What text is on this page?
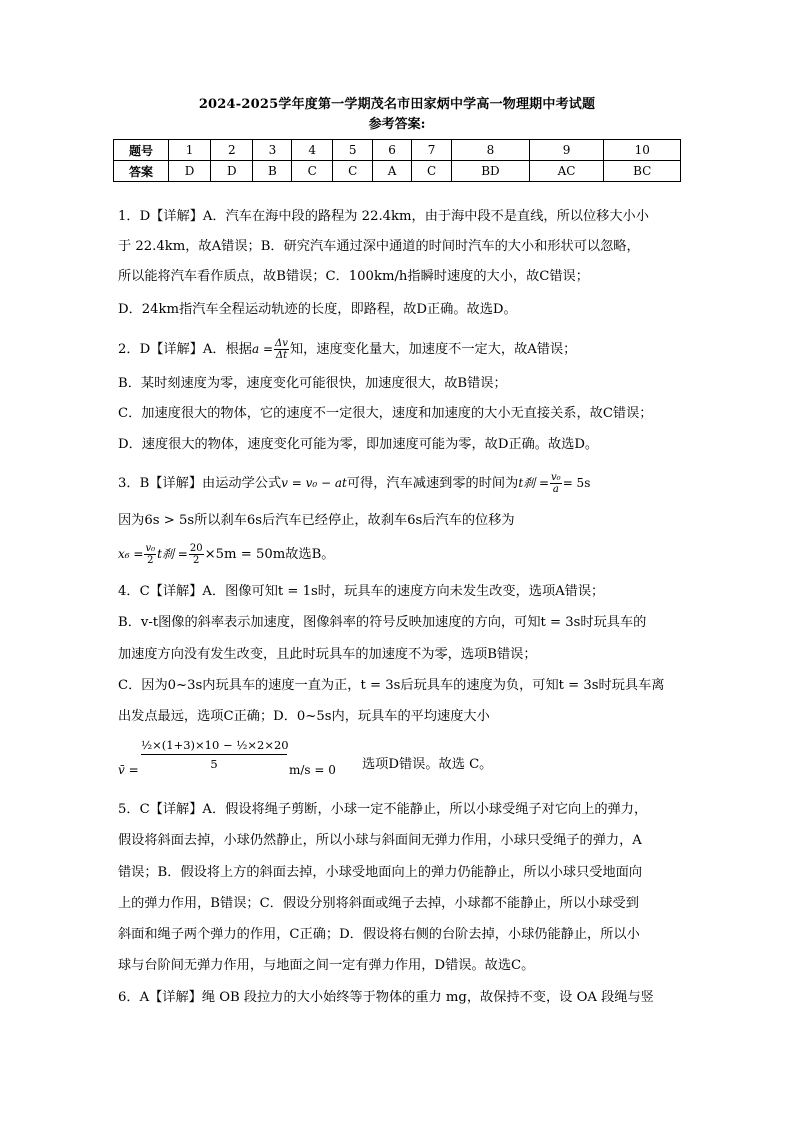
2024-2025学年度第一学期茂名市田家炳中学高一物理期中考试题
参考答案:
题号	1	2	3	4	5	6	7	8	9	10
答案	D	D	B	C	C	A	C	BD	AC	BC
1．D【详解】A．汽车在海中段的路程为 22.4km，由于海中段不是直线，所以位移大小小
于 22.4km，故A错误；B．研究汽车通过深中通道的时间时汽车的大小和形状可以忽略，
所以能将汽车看作质点，故B错误；C．100km/h指瞬时速度的大小，故C错误；
D．24km指汽车全程运动轨迹的长度，即路程，故D正确。故选D。
2．D【详解】A．根据$a = \frac{\Delta v}{\Delta t}$ 知，速度变化量大，加速度不一定大，故A错误；
B．某时刻速度为零，速度变化可能很快，加速度很大，故B错误；
C．加速度很大的物体，它的速度不一定很大，速度和加速度的大小无直接关系，故C错误；
D．速度很大的物体，速度变化可能为零，即加速度可能为零，故D正确。故选D。
3．B【详解】由运动学公式v = v₀ − at可得，汽车减速到零的时间为t刹 = $\frac{\text{v₀}}{a} = 5s$
因为6s > 5s所以刹车6s后汽车已经停止，故刹车6s后汽车的位移为
$x_6 = \frac{\text{v₀}}{2}$ t刹 = $\frac{20}{2} \times 5m = 50m$故选B。
4．C【详解】A．图像可知t = 1s时，玩具车的速度方向未发生改变，选项A错误；
B．v-t图像的斜率表示加速度，图像斜率的符号反映加速度的方向，可知t = 3s时玩具车的
加速度方向没有发生改变，且此时玩具车的加速度不为零，选项B错误；
C．因为0~3s内玩具车的速度一直为正，t = 3s后玩具车的速度为负，可知t = 3s时玩具车离
出发点最远，选项C正确；D．0~5s内，玩具车的平均速度大小
v̄ = $\frac{\text{½×(1+3)×10 − ½×2×20}}{5} m/s = 0$ 选项D错误。故选 C。
5．C【详解】A．假设将绳子剪断，小球一定不能静止，所以小球受绳子对它向上的弹力，
假设将斜面去掉，小球仍然静止，所以小球与斜面间无弹力作用，小球只受绳子的弹力，A
错误；B．假设将上方的斜面去掉，小球受地面向上的弹力仍能静止，所以小球只受地面向
上的弹力作用，B错误；C．假设分别将斜面或绳子去掉，小球都不能静止，所以小球受到
斜面和绳子两个弹力的作用，C正确；D．假设将右侧的台阶去掉，小球仍能静止，所以小
球与台阶间无弹力作用，与地面之间一定有弹力作用，D错误。故选C。
6．A【详解】绳 OB 段拉力的大小始终等于物体的重力 mg，故保持不变，设 OA 段绳与竖
